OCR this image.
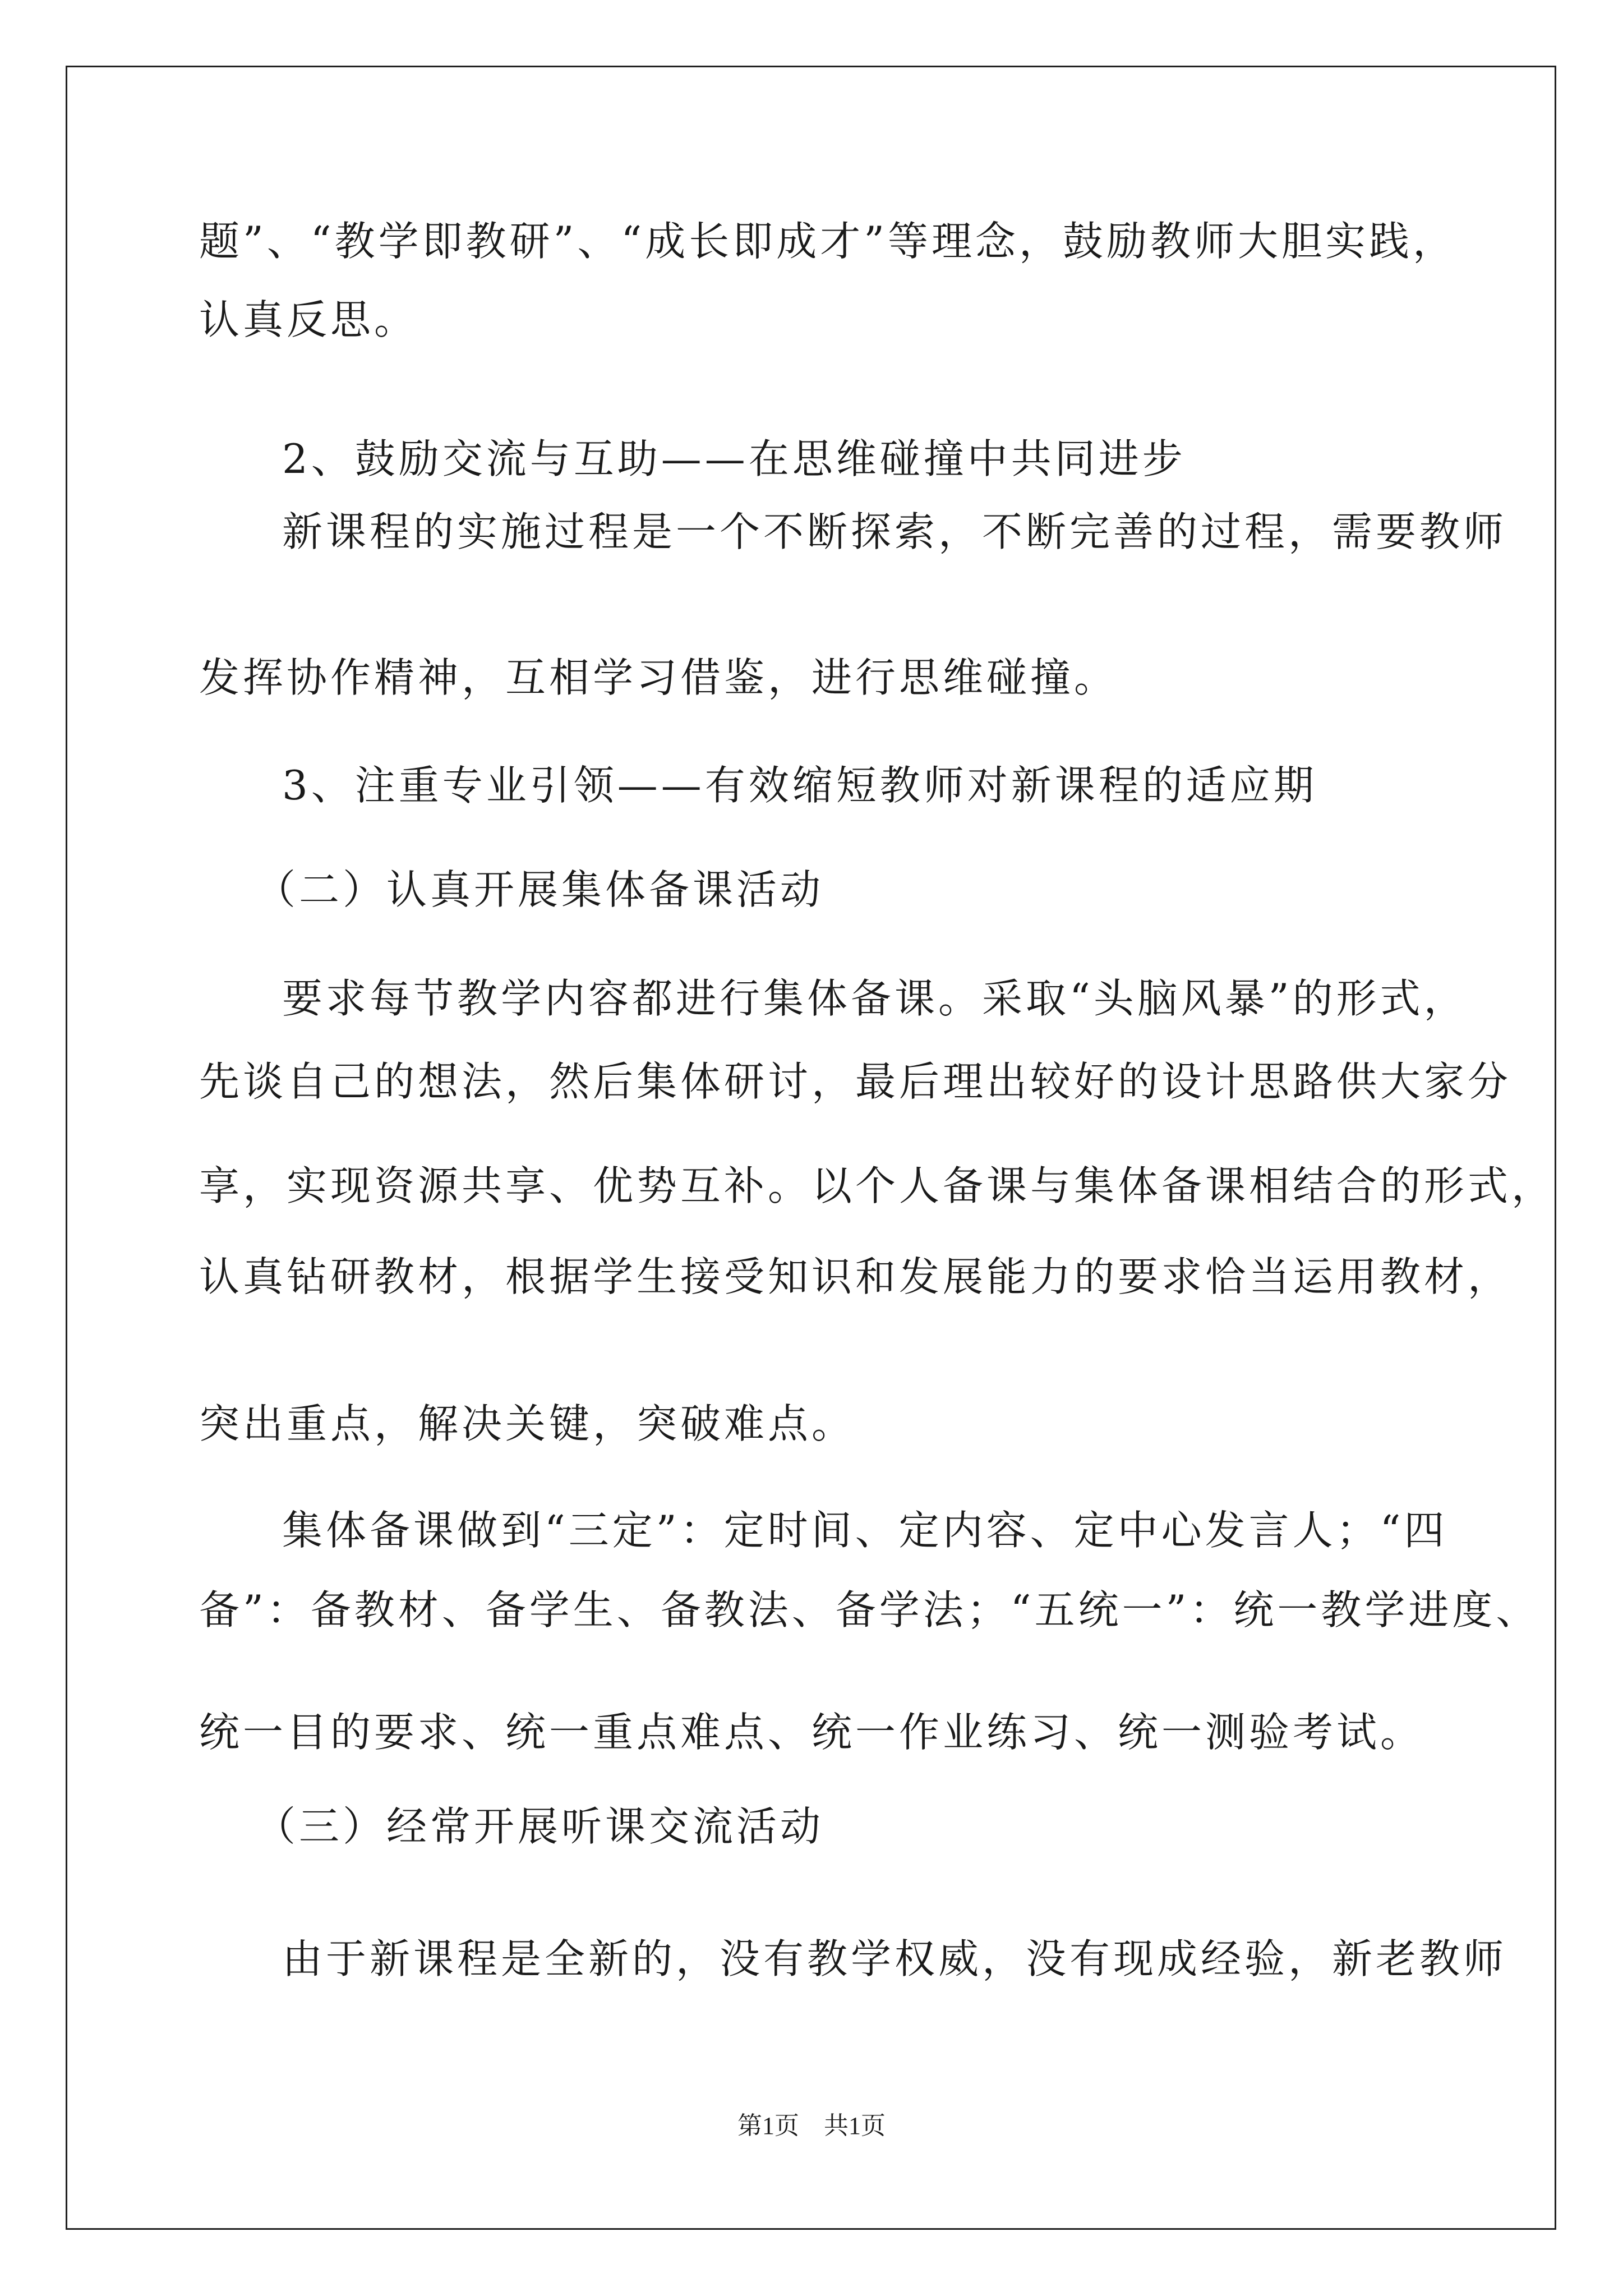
题”、“教学即教研”、“成长即成才”等理念，鼓励教师大胆实践，
认真反思。
2、鼓励交流与互助——在思维碰撞中共同进步
新课程的实施过程是一个不断探索，不断完善的过程，需要教师
发挥协作精神，互相学习借鉴，进行思维碰撞。
3、注重专业引领——有效缩短教师对新课程的适应期
（二）认真开展集体备课活动
要求每节教学内容都进行集体备课。采取“头脑风暴”的形式，
先谈自己的想法，然后集体研讨，最后理出较好的设计思路供大家分
享，实现资源共享、优势互补。以个人备课与集体备课相结合的形式，
认真钻研教材，根据学生接受知识和发展能力的要求恰当运用教材，
突出重点，解决关键，突破难点。
集体备课做到“三定”：定时间、定内容、定中心发言人；“四
备”：备教材、备学生、备教法、备学法；“五统一”：统一教学进度、
统一目的要求、统一重点难点、统一作业练习、统一测验考试。
（三）经常开展听课交流活动
由于新课程是全新的，没有教学权威，没有现成经验，新老教师
第1页　共1页
